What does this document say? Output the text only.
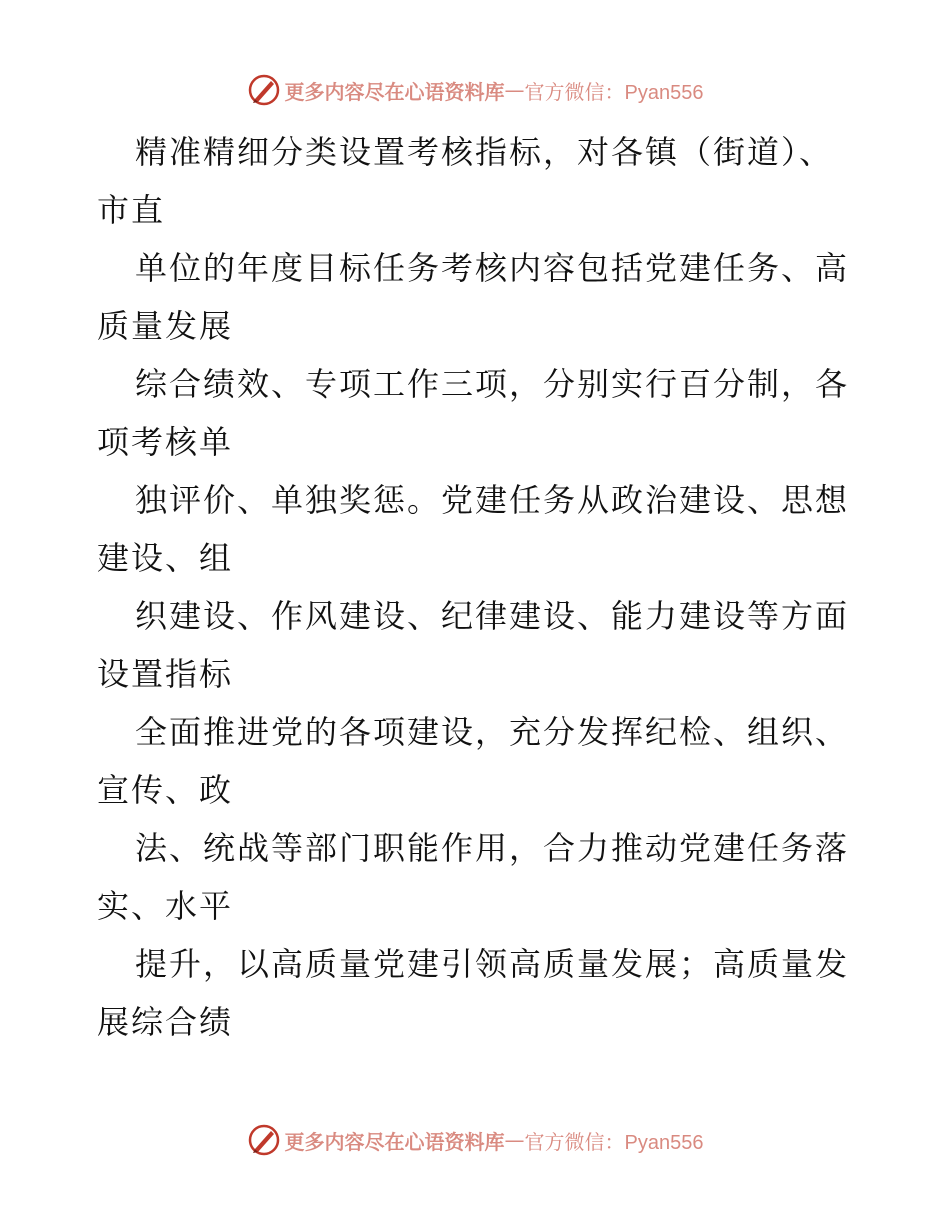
更多内容尽在心语资料库 — 官方微信：Pyan556
精准精细分类设置考核指标，对各镇（街道）、
市直
单位的年度目标任务考核内容包括党建任务、高
质量发展
综合绩效、专项工作三项，分别实行百分制，各
项考核单
独评价、单独奖惩。党建任务从政治建设、思想
建设、组
织建设、作风建设、纪律建设、能力建设等方面
设置指标
全面推进党的各项建设，充分发挥纪检、组织、
宣传、政
法、统战等部门职能作用，合力推动党建任务落
实、水平
提升，以高质量党建引领高质量发展；高质量发
展综合绩
更多内容尽在心语资料库 — 官方微信：Pyan556
